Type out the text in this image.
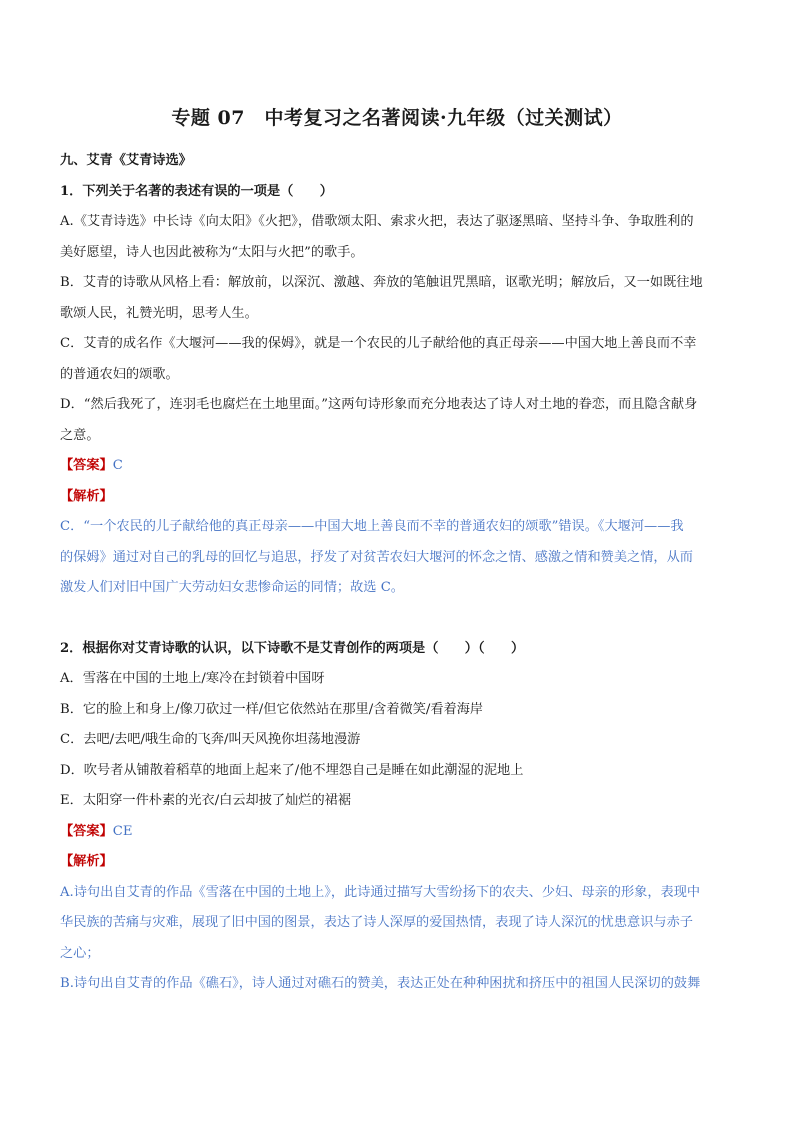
专题 07　中考复习之名著阅读·九年级（过关测试）
九、艾青《艾青诗选》
1．下列关于名著的表述有误的一项是（　　）
A.《艾青诗选》中长诗《向太阳》《火把》，借歌颂太阳、索求火把，表达了驱逐黑暗、坚持斗争、争取胜利的
美好愿望，诗人也因此被称为“太阳与火把”的歌手。
B．艾青的诗歌从风格上看：解放前，以深沉、激越、奔放的笔触诅咒黑暗，讴歌光明；解放后，又一如既往地
歌颂人民，礼赞光明，思考人生。
C．艾青的成名作《大堰河——我的保姆》，就是一个农民的儿子献给他的真正母亲——中国大地上善良而不幸
的普通农妇的颂歌。
D．“然后我死了，连羽毛也腐烂在土地里面。”这两句诗形象而充分地表达了诗人对土地的眷恋，而且隐含献身
之意。
【答案】C
【解析】
C．“一个农民的儿子献给他的真正母亲——中国大地上善良而不幸的普通农妇的颂歌”错误。《大堰河——我
的保姆》通过对自己的乳母的回忆与追思，抒发了对贫苦农妇大堰河的怀念之情、感激之情和赞美之情，从而
激发人们对旧中国广大劳动妇女悲惨命运的同情；故选 C。
2．根据你对艾青诗歌的认识，以下诗歌不是艾青创作的两项是（　　）（　　）
A．雪落在中国的土地上/寒冷在封锁着中国呀
B．它的脸上和身上/像刀砍过一样/但它依然站在那里/含着微笑/看着海岸
C．去吧/去吧/哦生命的飞奔/叫天风挽你坦荡地漫游
D．吹号者从铺散着稻草的地面上起来了/他不埋怨自己是睡在如此潮湿的泥地上
E．太阳穿一件朴素的光衣/白云却披了灿烂的裙裾
【答案】CE
【解析】
A.诗句出自艾青的作品《雪落在中国的土地上》，此诗通过描写大雪纷扬下的农夫、少妇、母亲的形象，表现中
华民族的苦痛与灾难，展现了旧中国的图景，表达了诗人深厚的爱国热情，表现了诗人深沉的忧患意识与赤子
之心；
B.诗句出自艾青的作品《礁石》，诗人通过对礁石的赞美，表达正处在种种困扰和挤压中的祖国人民深切的鼓舞
